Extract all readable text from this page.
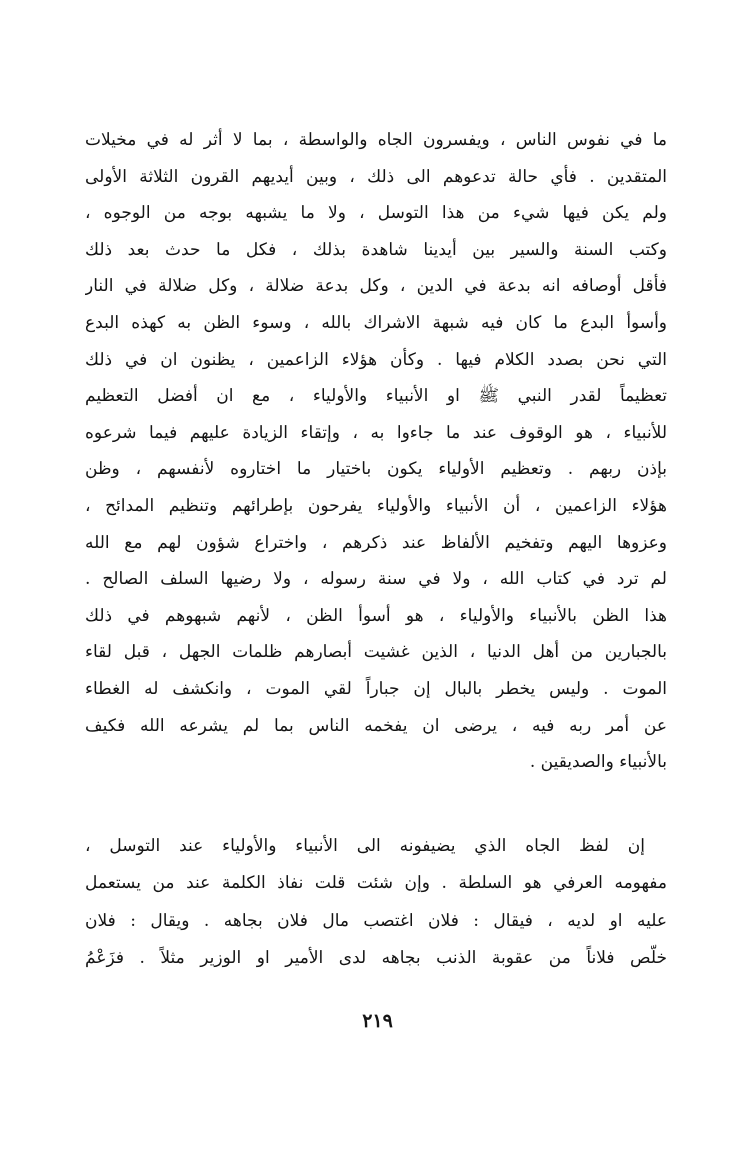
ما في نفوس الناس ، ويفسرون الجاه والواسطة ، بما لا أثر له في مخيلات
المتقدين . فأي حالة تدعوهم الى ذلك ، وبين أيديهم القرون الثلاثة الأولى
ولم يكن فيها شيء من هذا التوسل ، ولا ما يشبهه بوجه من الوجوه ،
وكتب السنة والسير بين أيدينا شاهدة بذلك ، فكل ما حدث بعد ذلك
فأقل أوصافه انه بدعة في الدين ، وكل بدعة ضلالة ، وكل ضلالة في النار
وأسوأ البدع ما كان فيه شبهة الاشراك بالله ، وسوء الظن به كهذه البدع
التي نحن بصدد الكلام فيها . وكأن هؤلاء الزاعمين ، يظنون ان في ذلك
تعظيماً لقدر النبي ﷺ او الأنبياء والأولياء ، مع ان أفضل التعظيم
للأنبياء ، هو الوقوف عند ما جاءوا به ، وإتقاء الزيادة عليهم فيما شرعوه
بإذن ربهم . وتعظيم الأولياء يكون باختيار ما اختاروه لأنفسهم ، وظن
هؤلاء الزاعمين ، أن الأنبياء والأولياء يفرحون بإطرائهم وتنظيم المدائح ،
وعزوها اليهم وتفخيم الألفاظ عند ذكرهم ، واختراع شؤون لهم مع الله
لم ترد في كتاب الله ، ولا في سنة رسوله ، ولا رضيها السلف الصالح .
هذا الظن بالأنبياء والأولياء ، هو أسوأ الظن ، لأنهم شبهوهم في ذلك
بالجبارين من أهل الدنيا ، الذين غشيت أبصارهم ظلمات الجهل ، قبل لقاء
الموت . وليس يخطر بالبال إن جباراً لقي الموت ، وانكشف له الغطاء
عن أمر ربه فيه ، يرضى ان يفخمه الناس بما لم يشرعه الله فكيف
بالأنبياء والصديقين .
إن لفظ الجاه الذي يضيفونه الى الأنبياء والأولياء عند التوسل ،
مفهومه العرفي هو السلطة . وإن شئت قلت نفاذ الكلمة عند من يستعمل
عليه او لديه ، فيقال : فلان اغتصب مال فلان بجاهه . ويقال : فلان
خلّص فلاناً من عقوبة الذنب بجاهه لدى الأمير او الوزير مثلاً . فزَعْمُ
٢١٩
